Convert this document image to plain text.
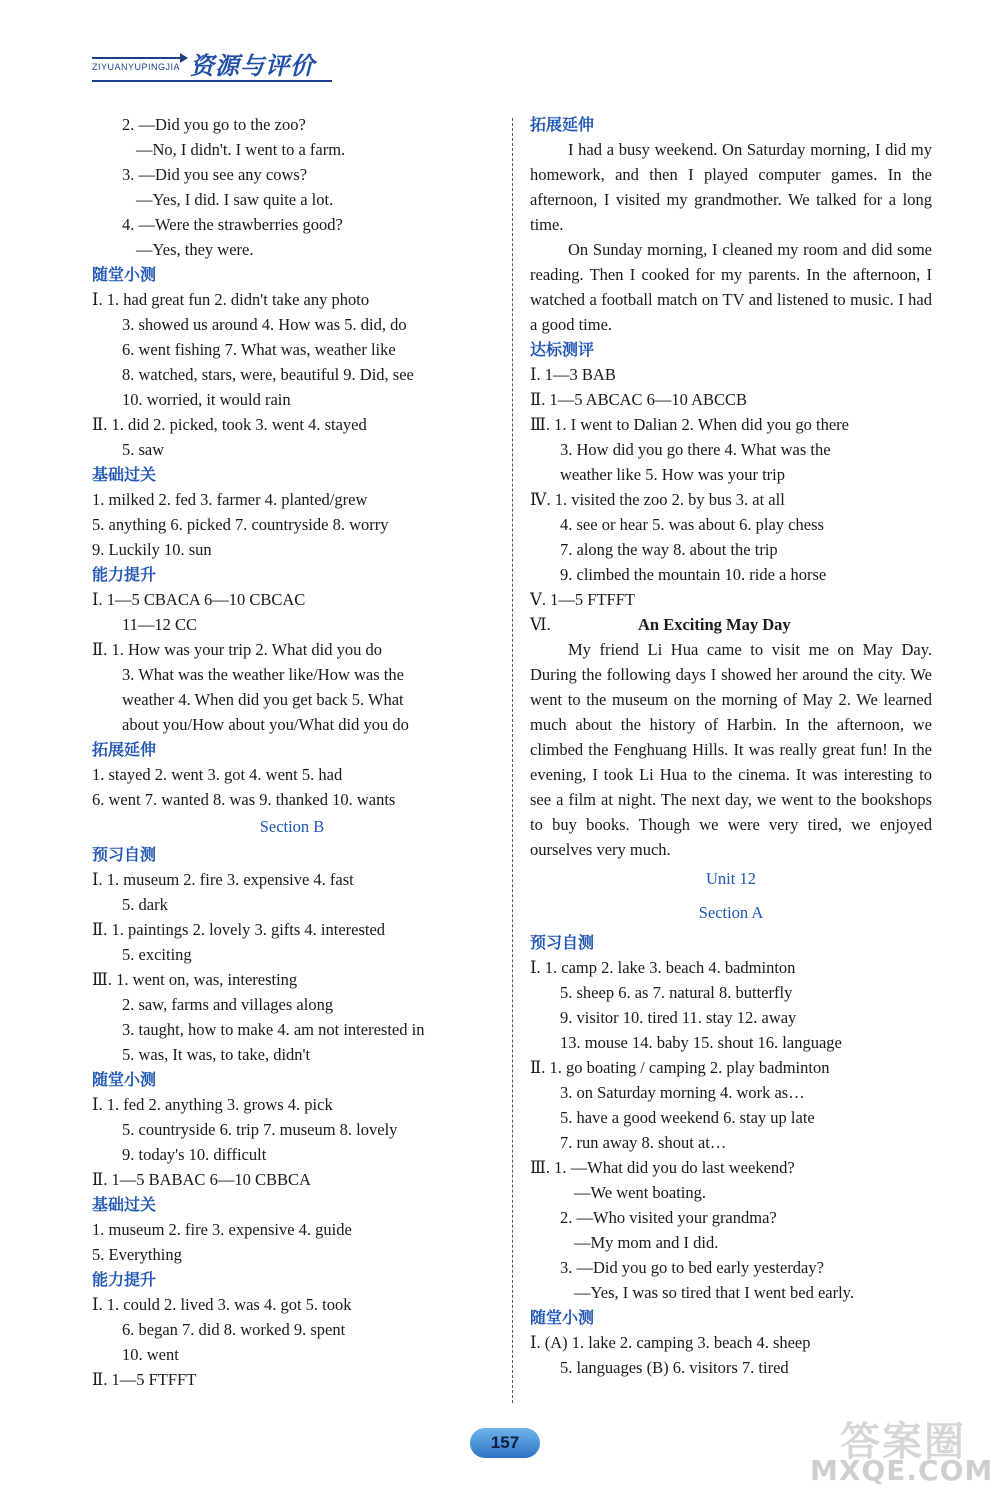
ZIYUANYUPINGJIA 资源与评价
2. —Did you go to the zoo?
—No, I didn't. I went to a farm.
3. —Did you see any cows?
—Yes, I did. I saw quite a lot.
4. —Were the strawberries good?
—Yes, they were.
随堂小测
Ⅰ. 1. had great fun 2. didn't take any photo
3. showed us around 4. How was 5. did, do
6. went fishing 7. What was, weather like
8. watched, stars, were, beautiful 9. Did, see
10. worried, it would rain
Ⅱ. 1. did 2. picked, took 3. went 4. stayed
5. saw
基础过关
1. milked 2. fed 3. farmer 4. planted/grew
5. anything 6. picked 7. countryside 8. worry
9. Luckily 10. sun
能力提升
Ⅰ. 1—5 CBACA 6—10 CBCAC
11—12 CC
Ⅱ. 1. How was your trip 2. What did you do
3. What was the weather like/How was the
weather 4. When did you get back 5. What
about you/How about you/What did you do
拓展延伸
1. stayed 2. went 3. got 4. went 5. had
6. went 7. wanted 8. was 9. thanked 10. wants
Section B
预习自测
Ⅰ. 1. museum 2. fire 3. expensive 4. fast
5. dark
Ⅱ. 1. paintings 2. lovely 3. gifts 4. interested
5. exciting
Ⅲ. 1. went on, was, interesting
2. saw, farms and villages along
3. taught, how to make 4. am not interested in
5. was, It was, to take, didn't
随堂小测
Ⅰ. 1. fed 2. anything 3. grows 4. pick
5. countryside 6. trip 7. museum 8. lovely
9. today's 10. difficult
Ⅱ. 1—5 BABAC 6—10 CBBCA
基础过关
1. museum 2. fire 3. expensive 4. guide
5. Everything
能力提升
Ⅰ. 1. could 2. lived 3. was 4. got 5. took
6. began 7. did 8. worked 9. spent
10. went
Ⅱ. 1—5 FTFFT
拓展延伸
I had a busy weekend. On Saturday morning, I did my homework, and then I played computer games. In the afternoon, I visited my grandmother. We talked for a long time.
On Sunday morning, I cleaned my room and did some reading. Then I cooked for my parents. In the afternoon, I watched a football match on TV and listened to music. I had a good time.
达标测评
Ⅰ. 1—3 BAB
Ⅱ. 1—5 ABCAC 6—10 ABCCB
Ⅲ. 1. I went to Dalian 2. When did you go there
3. How did you go there 4. What was the
weather like 5. How was your trip
Ⅳ. 1. visited the zoo 2. by bus 3. at all
4. see or hear 5. was about 6. play chess
7. along the way 8. about the trip
9. climbed the mountain 10. ride a horse
Ⅴ. 1—5 FTFFT
Ⅵ.	An Exciting May Day
My friend Li Hua came to visit me on May Day. During the following days I showed her around the city. We went to the museum on the morning of May 2. We learned much about the history of Harbin. In the afternoon, we climbed the Fenghuang Hills. It was really great fun! In the evening, I took Li Hua to the cinema. It was interesting to see a film at night. The next day, we went to the bookshops to buy books. Though we were very tired, we enjoyed ourselves very much.
Unit 12
Section A
预习自测
Ⅰ. 1. camp 2. lake 3. beach 4. badminton
5. sheep 6. as 7. natural 8. butterfly
9. visitor 10. tired 11. stay 12. away
13. mouse 14. baby 15. shout 16. language
Ⅱ. 1. go boating / camping 2. play badminton
3. on Saturday morning 4. work as…
5. have a good weekend 6. stay up late
7. run away 8. shout at…
Ⅲ. 1. —What did you do last weekend?
—We went boating.
2. —Who visited your grandma?
—My mom and I did.
3. —Did you go to bed early yesterday?
—Yes, I was so tired that I went bed early.
随堂小测
Ⅰ. (A) 1. lake 2. camping 3. beach 4. sheep
5. languages (B) 6. visitors 7. tired
157	答案圈
MXQE.COM
